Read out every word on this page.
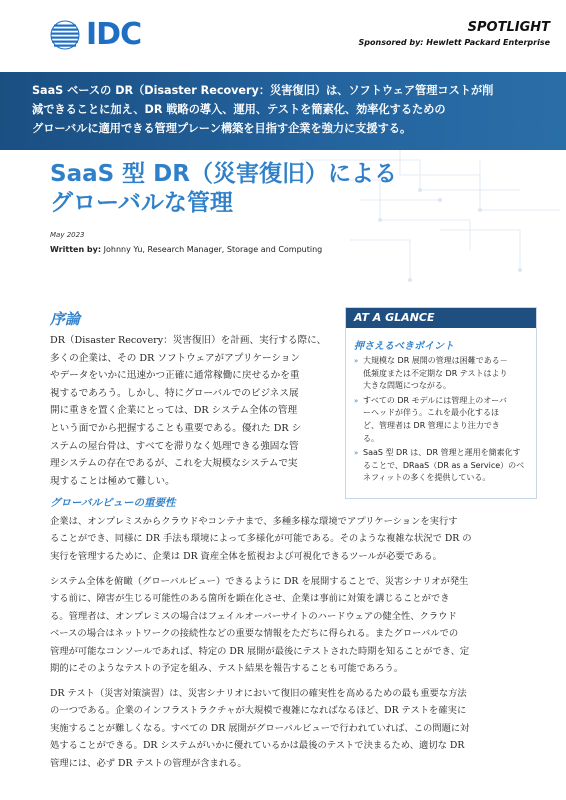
IDC	SPOTLIGHT
Sponsored by: Hewlett Packard Enterprise
SaaS ベースの DR（Disaster Recovery：災害復旧）は、ソフトウェア管理コストが削
減できることに加え、DR 戦略の導入、運用、テストを簡素化、効率化するための
グローバルに適用できる管理プレーン構築を目指す企業を強力に支援する。
SaaS 型 DR（災害復旧）による
グローバルな管理
May 2023
Written by: Johnny Yu, Research Manager, Storage and Computing
序論
DR（Disaster Recovery：災害復旧）を計画、実行する際に、
多くの企業は、その DR ソフトウェアがアプリケーション
やデータをいかに迅速かつ正確に通常稼働に戻せるかを重
視するであろう。しかし、特にグローバルでのビジネス展
開に重きを置く企業にとっては、DR システム全体の管理
という面でから把握することも重要である。優れた DR シ
ステムの屋台骨は、すべてを滞りなく処理できる強固な管
理システムの存在であるが、これを大規模なシステムで実
現することは極めて難しい。
AT A GLANCE
押さえるべきポイント
» 大規模な DR 展開の管理は困難である－
低頻度または不定期な DR テストはより
大きな問題につながる。
» すべての DR モデルには管理上のオーバ
ーヘッドが伴う。これを最小化するほ
ど、管理者は DR 管理により注力でき
る。
» SaaS 型 DR は、DR 管理と運用を簡素化す
ることで、DRaaS（DR as a Service）のベ
ネフィットの多くを提供している。
グローバルビューの重要性
企業は、オンプレミスからクラウドやコンテナまで、多種多様な環境でアプリケーションを実行す
ることができ、同様に DR 手法も環境によって多様化が可能である。そのような複雑な状況で DR の
実行を管理するために、企業は DR 資産全体を監視および可視化できるツールが必要である。
システム全体を俯瞰（グローバルビュー）できるように DR を展開することで、災害シナリオが発生
する前に、障害が生じる可能性のある箇所を顕在化させ、企業は事前に対策を講じることができ
る。管理者は、オンプレミスの場合はフェイルオーバーサイトのハードウェアの健全性、クラウド
ベースの場合はネットワークの接続性などの重要な情報をただちに得られる。またグローバルでの
管理が可能なコンソールであれば、特定の DR 展開が最後にテストされた時期を知ることができ、定
期的にそのようなテストの予定を組み、テスト結果を報告することも可能であろう。
DR テスト（災害対策演習）は、災害シナリオにおいて復旧の確実性を高めるための最も重要な方法
の一つである。企業のインフラストラクチャが大規模で複雑になればなるほど、DR テストを確実に
実施することが難しくなる。すべての DR 展開がグローバルビューで行われていれば、この問題に対
処することができる。DR システムがいかに優れているかは最後のテストで決まるため、適切な DR
管理には、必ず DR テストの管理が含まれる。
